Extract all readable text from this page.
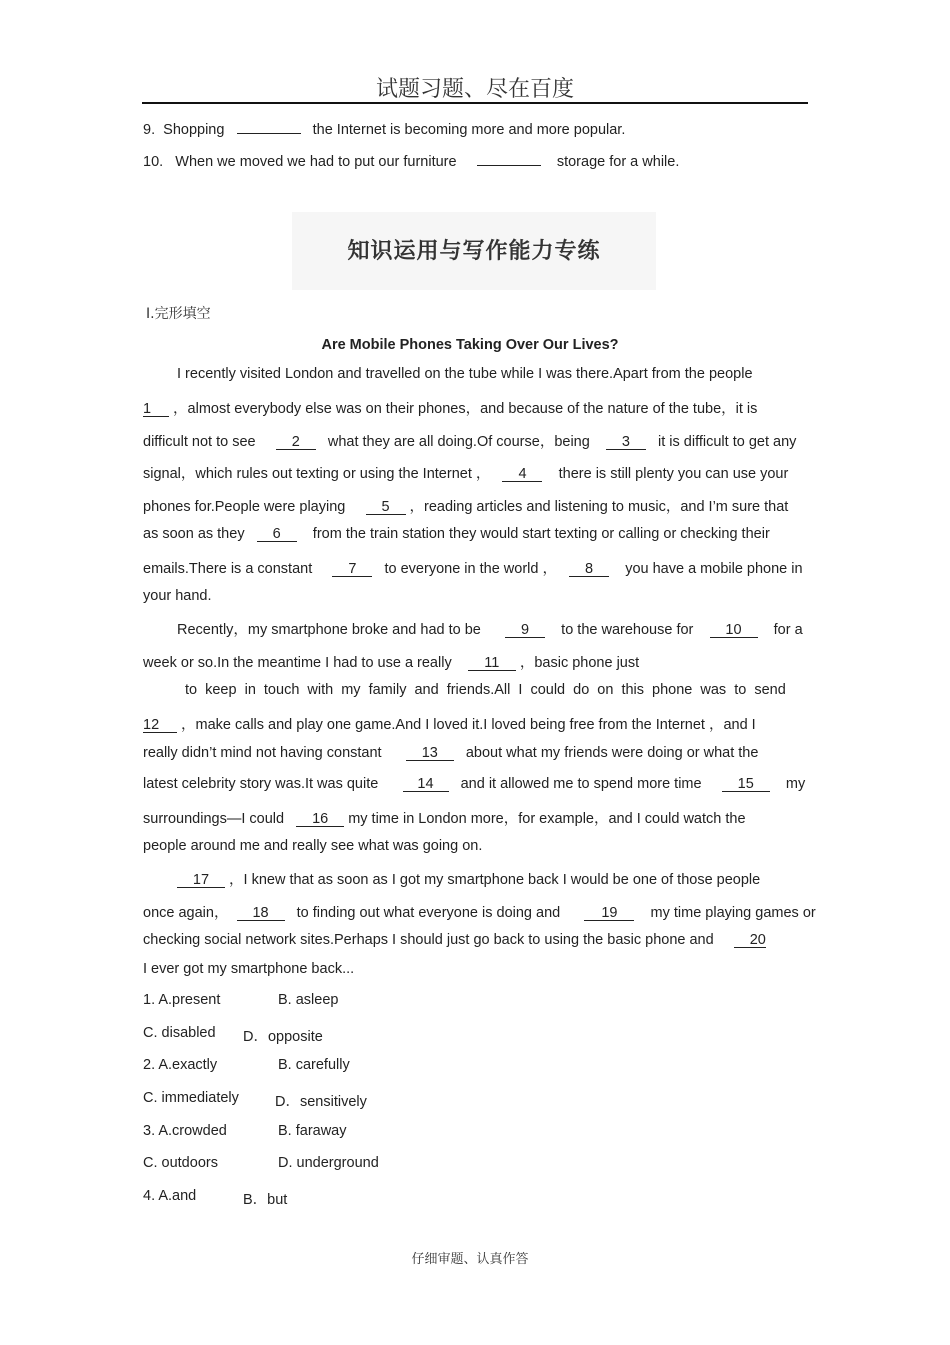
试题习题、尽在百度
9. Shopping	the Internet is becoming more and more popular.
10. When we moved we had to put our furniture	storage for a while.
知识运用与写作能力专练
Ⅰ.完形填空
Are Mobile Phones Taking Over Our Lives?
I recently visited London and travelled on the tube while I was there.Apart from the people
1 ，almost everybody else was on their phones，and because of the nature of the tube，it is
difficult not to see 2 what they are all doing.Of course，being 3 it is difficult to get any
signal，which rules out texting or using the Internet ， 4 there is still plenty you can use your
phones for.People were playing 5 ，reading articles and listening to music，and I’m sure that
as soon as they 6 from the train station they would start texting or calling or checking their
emails.There is a constant 7 to everyone in the world ， 8 you have a mobile phone in
your hand.
Recently，my smartphone broke and had to be	9 to the warehouse for 10 for a
week or so.In the meantime I had to use a really 11 ，basic phone just
to keep in touch with my family and friends.All I could do on this phone was to send
12 ，make calls and play one game.And I loved it.I loved being free from the Internet ，and I
really didn’t mind not having constant	13 about what my friends were doing or what the
latest celebrity story was.It was quite	14 and it allowed me to spend more time 15 my
surroundings—I could 16 my time in London more，for example，and I could watch the
people around me and really see what was going on.
17 ，I knew that as soon as I got my smartphone back I would be one of those people
once again， 18 to finding out what everyone is doing and	19 my time playing games or
checking social network sites.Perhaps I should just go back to using the basic phone and 20
I ever got my smartphone back...
1. A.present	B. asleep
C. disabled D．opposite
2. A.exactly	B. carefully
C. immediately D．sensitively
3. A.crowded	B. faraway
C. outdoors	D. underground
4. A.and	B．but
仔细审题、认真作答
